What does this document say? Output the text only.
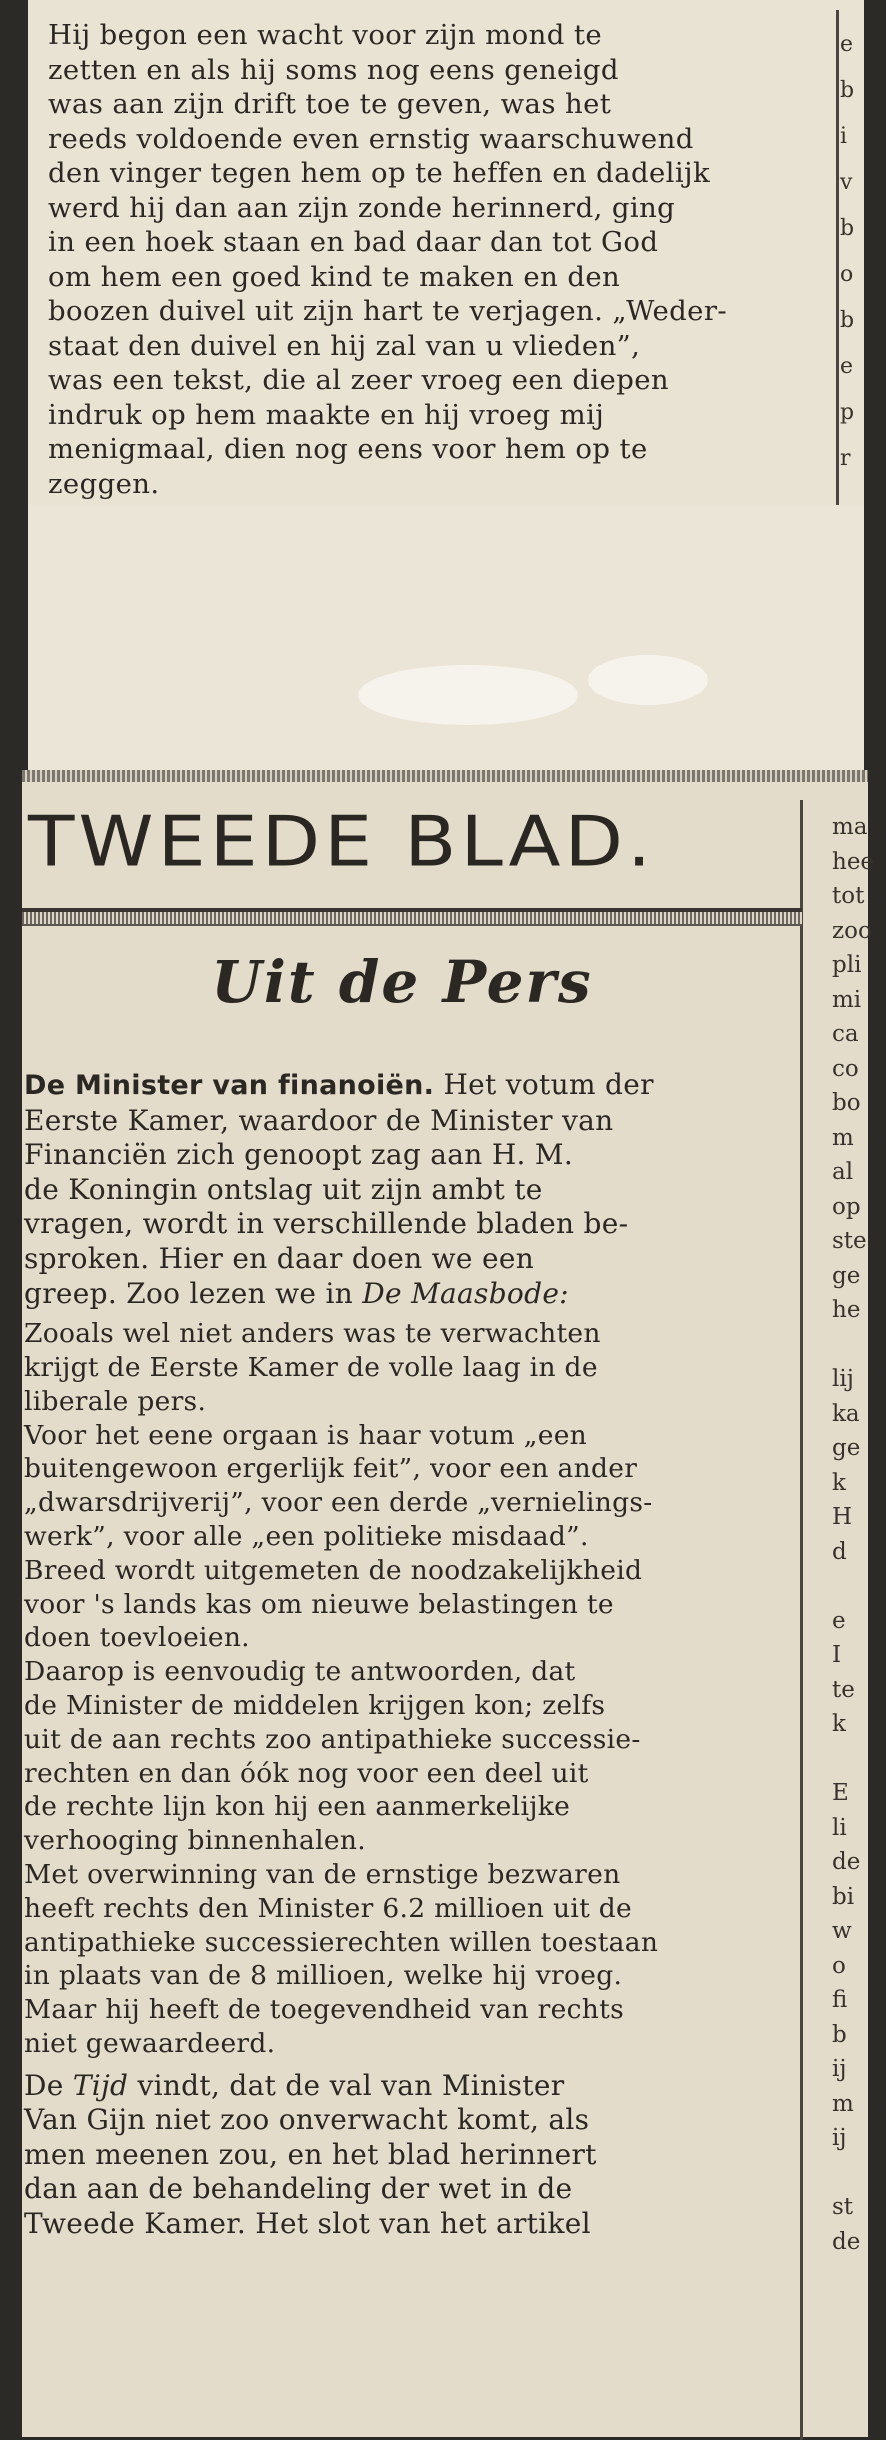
Hij begon een wacht voor zijn mond te
zetten en als hij soms nog eens geneigd
was aan zijn drift toe te geven, was het
reeds voldoende even ernstig waarschuwend
den vinger tegen hem op te heffen en dadelijk
werd hij dan aan zijn zonde herinnerd, ging
in een hoek staan en bad daar dan tot God
om hem een goed kind te maken en den
boozen duivel uit zijn hart te verjagen. „Weder-
staat den duivel en hij zal van u vlieden”,
was een tekst, die al zeer vroeg een diepen
indruk op hem maakte en hij vroeg mij
menigmaal, dien nog eens voor hem op te
zeggen.
e
b
i
v
b
o
b
e
p
r
TWEEDE BLAD.
Uit de Pers

De Minister van finanoiën. Het votum der
Eerste Kamer, waardoor de Minister van
Financiën zich genoopt zag aan H. M.
de Koningin ontslag uit zijn ambt te
vragen, wordt in verschillende bladen be-
sproken. Hier en daar doen we een
greep. Zoo lezen we in De Maasbode:

Zooals wel niet anders was te verwachten
krijgt de Eerste Kamer de volle laag in de
liberale pers.
Voor het eene orgaan is haar votum „een
buitengewoon ergerlijk feit”, voor een ander
„dwarsdrijverij”, voor een derde „vernielings-
werk”, voor alle „een politieke misdaad”.
Breed wordt uitgemeten de noodzakelijkheid
voor 's lands kas om nieuwe belastingen te
doen toevloeien.
Daarop is eenvoudig te antwoorden, dat
de Minister de middelen krijgen kon; zelfs
uit de aan rechts zoo antipathieke successie-
rechten en dan óók nog voor een deel uit
de rechte lijn kon hij een aanmerkelijke
verhooging binnenhalen.
Met overwinning van de ernstige bezwaren
heeft rechts den Minister 6.2 millioen uit de
antipathieke successierechten willen toestaan
in plaats van de 8 millioen, welke hij vroeg.
Maar hij heeft de toegevendheid van rechts
niet gewaardeerd.

De Tijd vindt, dat de val van Minister
Van Gijn niet zoo onverwacht komt, als
men meenen zou, en het blad herinnert
dan aan de behandeling der wet in de
Tweede Kamer. Het slot van het artikel

ma
hee
tot
zoo
pli
mi
ca
co
bo
m
al
op
ste
ge
he
lij
ka
ge
k
H
d
e
I
te
k
E
li
de
bi
w
o
fi
b
ij
m
ij
st
de
